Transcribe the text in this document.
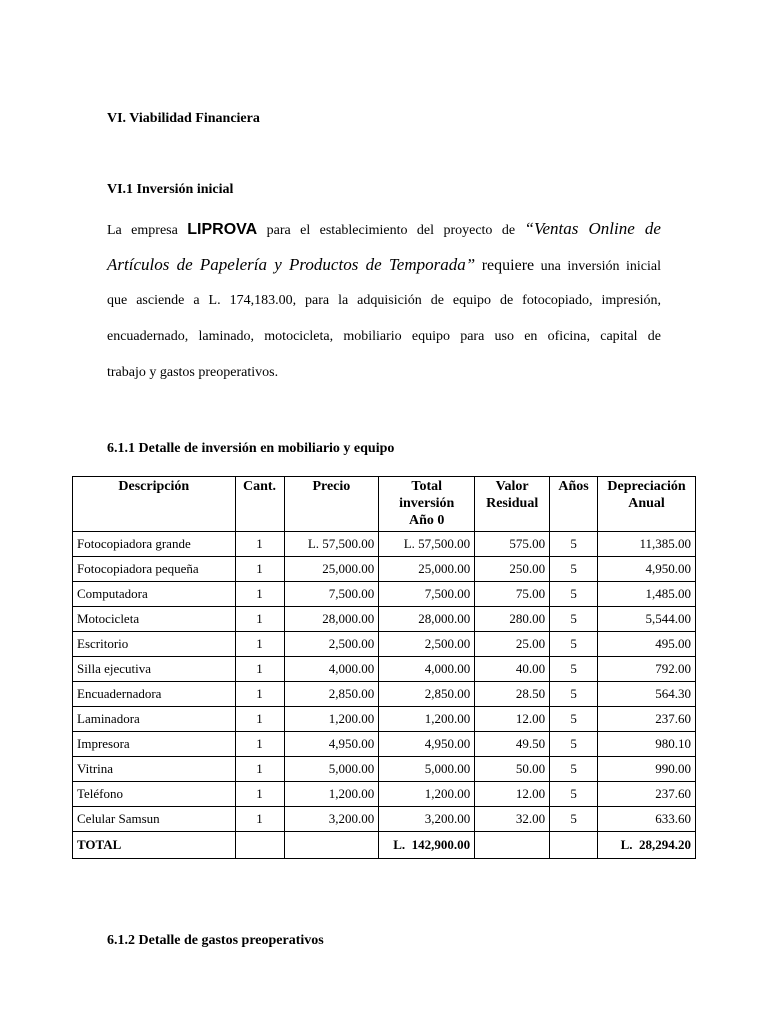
VI. Viabilidad Financiera
VI.1 Inversión inicial
La empresa LIPROVA para el establecimiento del proyecto de “Ventas Online de
Artículos de Papelería y Productos de Temporada” requiere una inversión inicial
que asciende a L. 174,183.00, para la adquisición de equipo de fotocopiado, impresión,
encuadernado, laminado, motocicleta, mobiliario equipo para uso en oficina, capital de
trabajo y gastos preoperativos.
6.1.1 Detalle de inversión en mobiliario y equipo
Descripción	Cant.	Precio	Total
inversión
Año 0	Valor
Residual	Años	Depreciación
Anual
Fotocopiadora grande	1	L. 57,500.00	L. 57,500.00	575.00	5	11,385.00
Fotocopiadora pequeña	1	25,000.00	25,000.00	250.00	5	4,950.00
Computadora	1	7,500.00	7,500.00	75.00	5	1,485.00
Motocicleta	1	28,000.00	28,000.00	280.00	5	5,544.00
Escritorio	1	2,500.00	2,500.00	25.00	5	495.00
Silla ejecutiva	1	4,000.00	4,000.00	40.00	5	792.00
Encuadernadora	1	2,850.00	2,850.00	28.50	5	564.30
Laminadora	1	1,200.00	1,200.00	12.00	5	237.60
Impresora	1	4,950.00	4,950.00	49.50	5	980.10
Vitrina	1	5,000.00	5,000.00	50.00	5	990.00
Teléfono	1	1,200.00	1,200.00	12.00	5	237.60
Celular Samsun	1	3,200.00	3,200.00	32.00	5	633.60
TOTAL			L.  142,900.00			L.  28,294.20
6.1.2 Detalle de gastos preoperativos
